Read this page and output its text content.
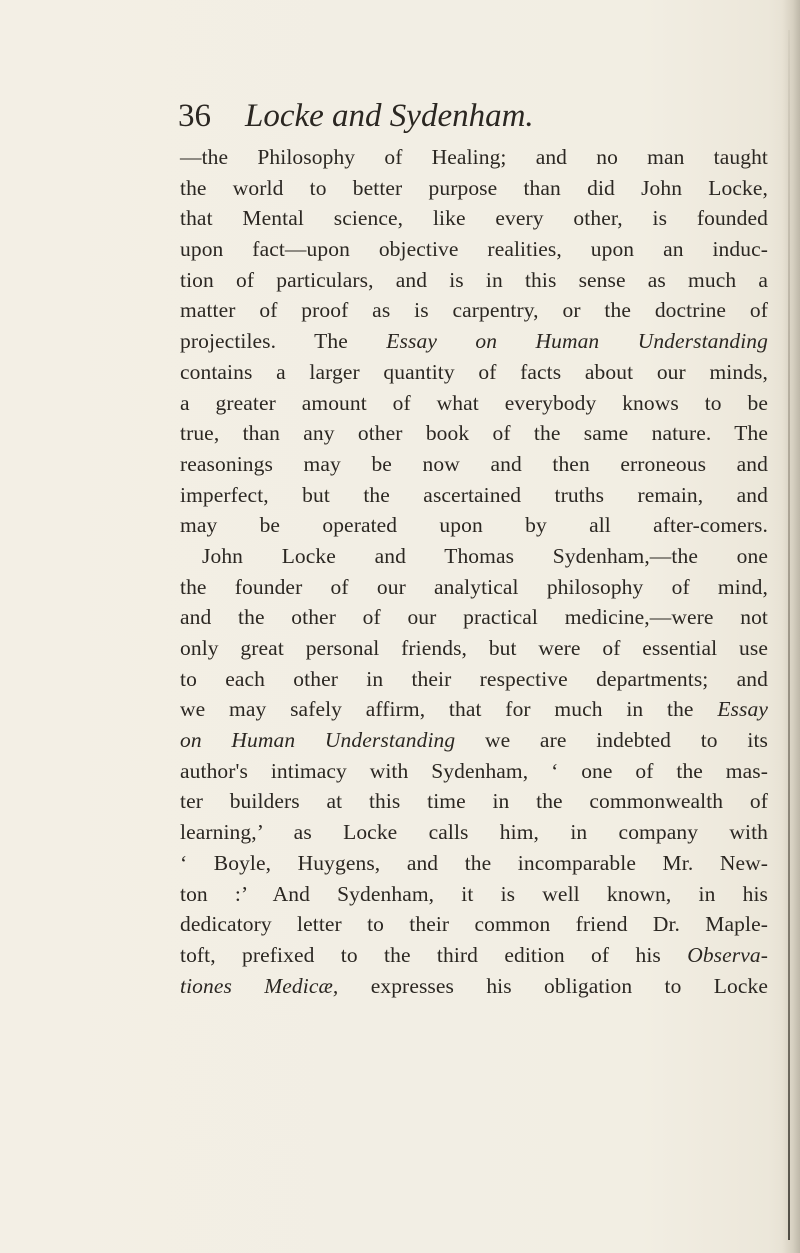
36 Locke and Sydenham.
—the Philosophy of Healing; and no man taught
the world to better purpose than did John Locke,
that Mental science, like every other, is founded
upon fact—upon objective realities, upon an induc-
tion of particulars, and is in this sense as much a
matter of proof as is carpentry, or the doctrine of
projectiles. The Essay on Human Understanding
contains a larger quantity of facts about our minds,
a greater amount of what everybody knows to be
true, than any other book of the same nature. The
reasonings may be now and then erroneous and
imperfect, but the ascertained truths remain, and
may be operated upon by all after-comers.
John Locke and Thomas Sydenham,—the one
the founder of our analytical philosophy of mind,
and the other of our practical medicine,—were not
only great personal friends, but were of essential use
to each other in their respective departments; and
we may safely affirm, that for much in the Essay
on Human Understanding we are indebted to its
author's intimacy with Sydenham, ‘ one of the mas-
ter builders at this time in the commonwealth of
learning,’ as Locke calls him, in company with
‘ Boyle, Huygens, and the incomparable Mr. New-
ton :’ And Sydenham, it is well known, in his
dedicatory letter to their common friend Dr. Maple-
toft, prefixed to the third edition of his Observa-
tiones Medicæ, expresses his obligation to Locke
